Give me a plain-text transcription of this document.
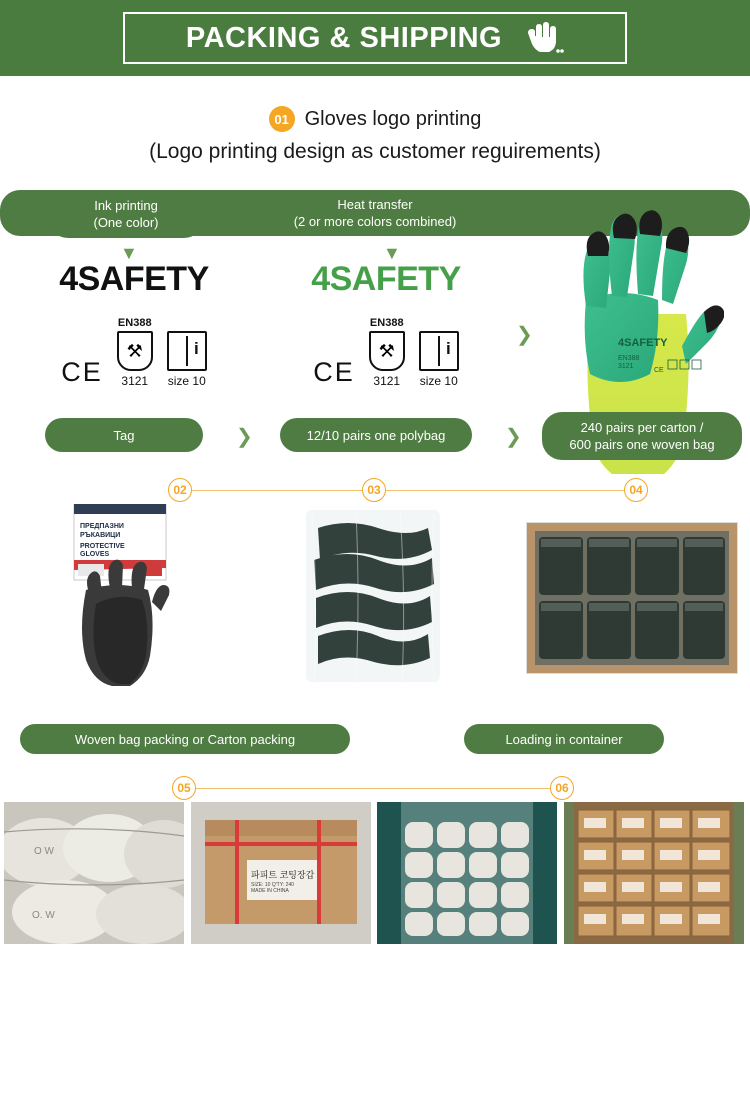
PACKING & SHIPPING
01 Gloves logo printing
(Logo printing design as customer reguirements)
Ink printing
(One color)
Heat transfer
(2 or more colors combined)
▼	▼
4SAFETY
CE
EN388
⚒
3121
i
size 10
4SAFETY
CE
EN388
⚒
3121
i
size 10
❯	4SAFETY
EN388
3121
CE
Tag	12/10 pairs one polybag	240 pairs per carton /
600 pairs one woven bag
❯	❯
02	03	04
ПРЕДПАЗНИ
РЪКАВИЦИ
PROTECTIVE
GLOVES
Woven bag packing or Carton packing	Loading in container
05	06
O W
O. W
파피트 코팅장갑
SIZE: 10 Q'TY: 240
MADE IN CHINA
